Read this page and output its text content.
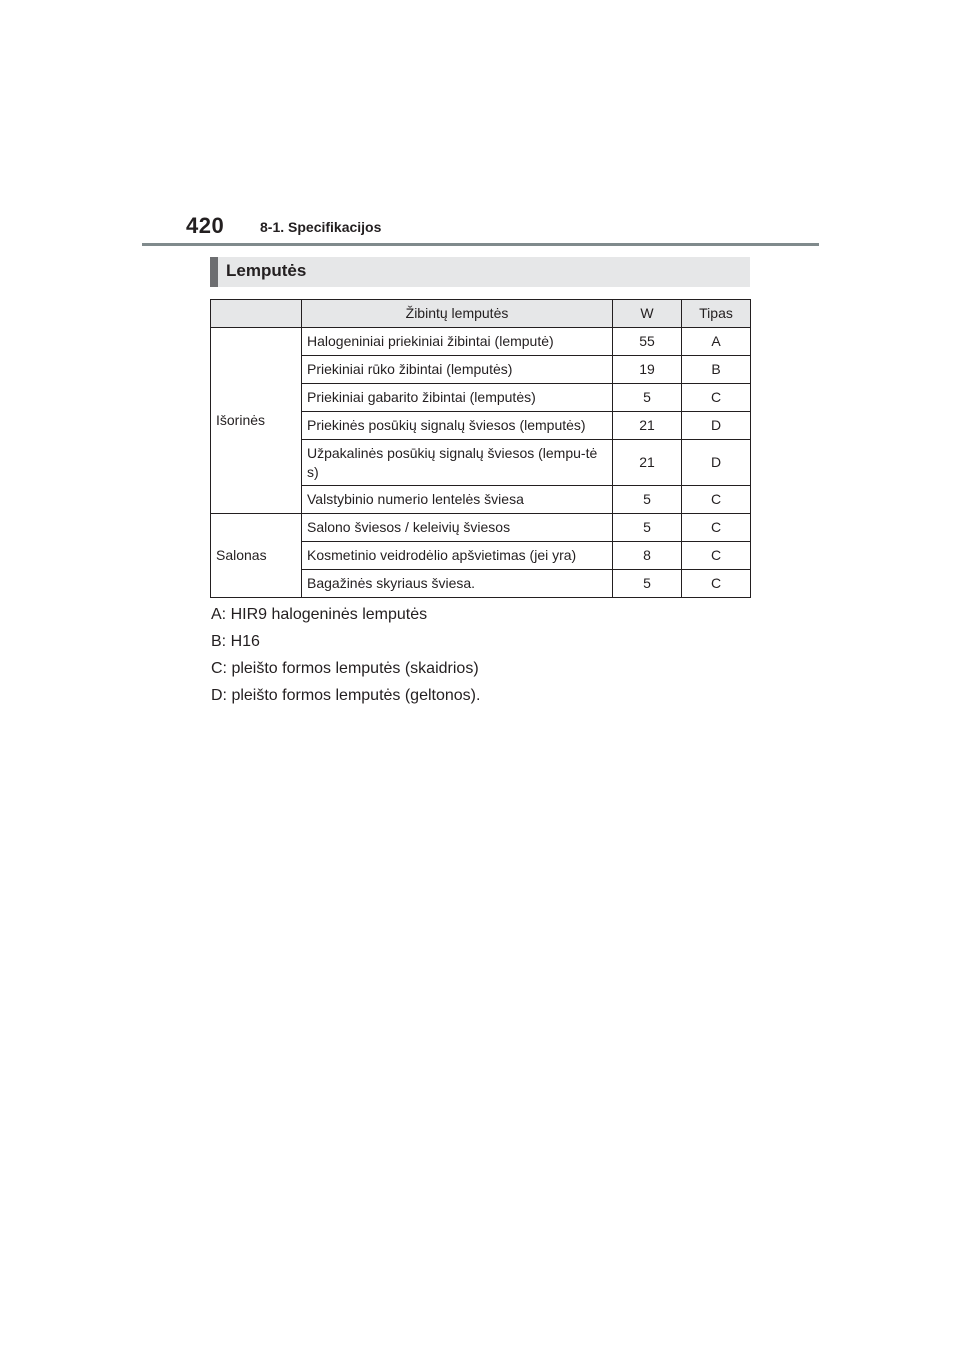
420	8-1. Specifikacijos
Lemputės
	Žibintų lemputės	W	Tipas
Išorinės	Halogeniniai priekiniai žibintai (lemputė)	55	A
	Priekiniai rūko žibintai (lemputės)	19	B
	Priekiniai gabarito žibintai (lemputės)	5	C
	Priekinės posūkių signalų šviesos (lemputės)	21	D
	Užpakalinės posūkių signalų šviesos (lempu-tės)	21	D
	Valstybinio numerio lentelės šviesa	5	C
Salonas	Salono šviesos / keleivių šviesos	5	C
	Kosmetinio veidrodėlio apšvietimas (jei yra)	8	C
	Bagažinės skyriaus šviesa.	5	C
A: HIR9 halogeninės lemputės
B: H16
C: pleišto formos lemputės (skaidrios)
D: pleišto formos lemputės (geltonos).
